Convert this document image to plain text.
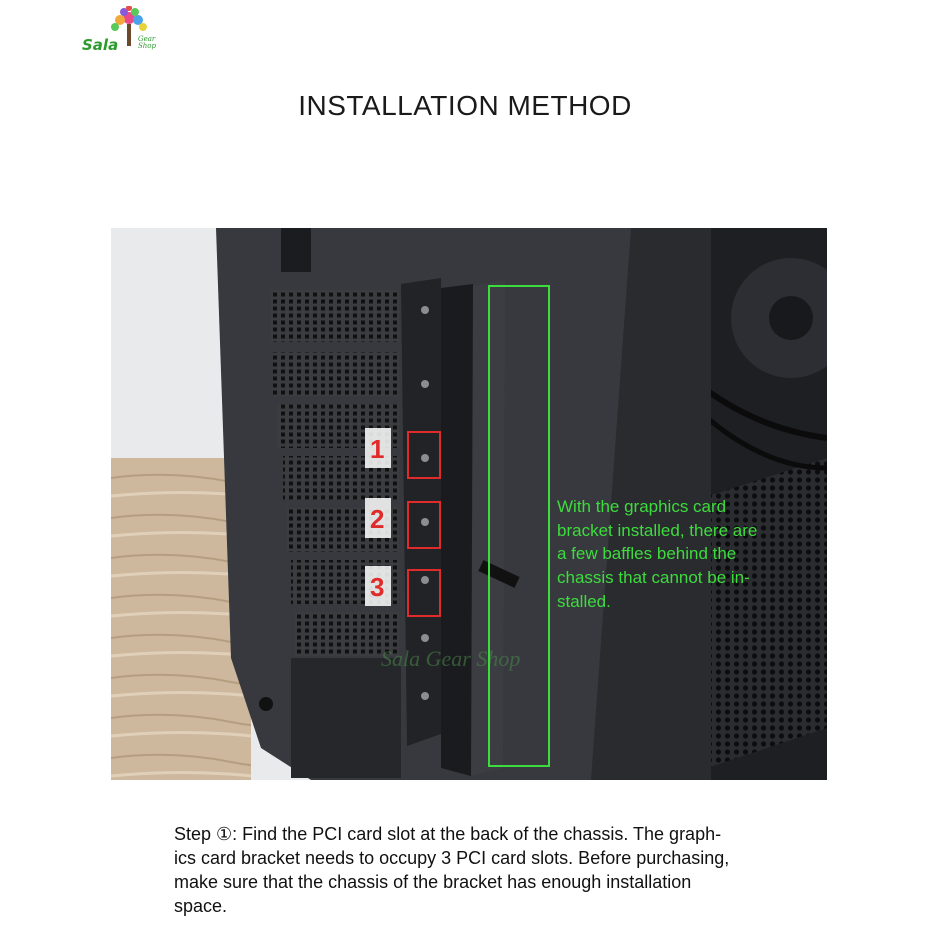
Sala	Gear
Shop
INSTALLATION METHOD
Sala Gear Shop
1
2
3
With the graphics card
bracket installed, there are
a few baffles behind the
chassis that cannot be in-
stalled.
Step ①: Find the PCI card slot at the back of the chassis. The graph-
ics card bracket needs to occupy 3 PCI card slots. Before purchasing,
make sure that the chassis of the bracket has enough installation
space.
